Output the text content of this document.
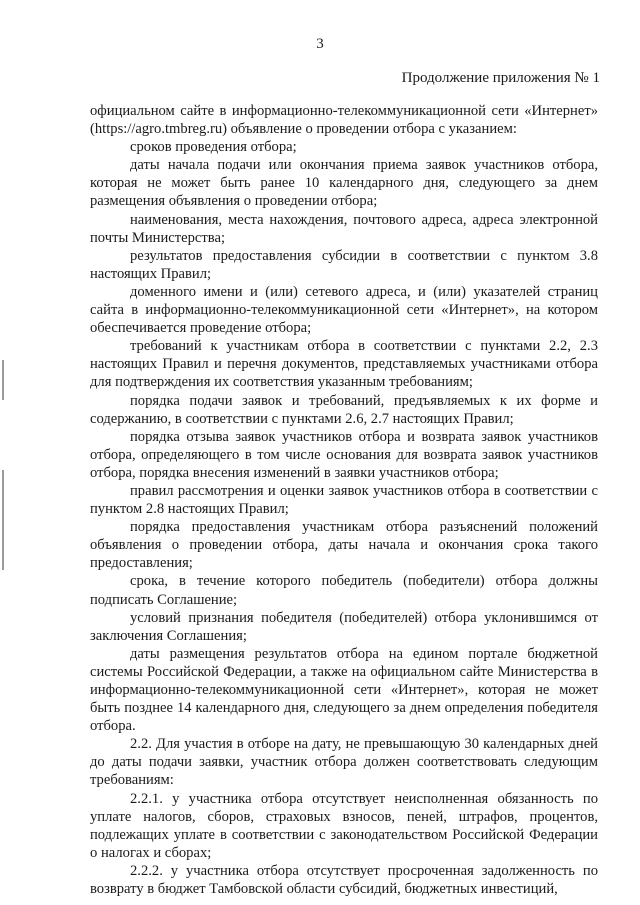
3
Продолжение приложения № 1

официальном сайте в информационно-телекоммуникационной сети «Интернет» (https://agro.tmbreg.ru) объявление о проведении отбора с указанием:

сроков проведения отбора;

даты начала подачи или окончания приема заявок участников отбора, которая не может быть ранее 10 календарного дня, следующего за днем размещения объявления о проведении отбора;

наименования, места нахождения, почтового адреса, адреса электронной почты Министерства;

результатов предоставления субсидии в соответствии с пунктом 3.8 настоящих Правил;

доменного имени и (или) сетевого адреса, и (или) указателей страниц сайта в информационно-телекоммуникационной сети «Интернет», на котором обеспечивается проведение отбора;

требований к участникам отбора в соответствии с пунктами 2.2, 2.3 настоящих Правил и перечня документов, представляемых участниками отбора для подтверждения их соответствия указанным требованиям;

порядка подачи заявок и требований, предъявляемых к их форме и содержанию, в соответствии с пунктами 2.6, 2.7 настоящих Правил;

порядка отзыва заявок участников отбора и возврата заявок участников отбора, определяющего в том числе основания для возврата заявок участников отбора, порядка внесения изменений в заявки участников отбора;

правил рассмотрения и оценки заявок участников отбора в соответствии с пунктом 2.8 настоящих Правил;

порядка предоставления участникам отбора разъяснений положений объявления о проведении отбора, даты начала и окончания срока такого предоставления;

срока, в течение которого победитель (победители) отбора должны подписать Соглашение;

условий признания победителя (победителей) отбора уклонившимся от заключения Соглашения;

даты размещения результатов отбора на едином портале бюджетной системы Российской Федерации, а также на официальном сайте Министерства в информационно-телекоммуникационной сети «Интернет», которая не может быть позднее 14 календарного дня, следующего за днем определения победителя отбора.

2.2. Для участия в отборе на дату, не превышающую 30 календарных дней до даты подачи заявки, участник отбора должен соответствовать следующим требованиям:

2.2.1. у участника отбора отсутствует неисполненная обязанность по уплате налогов, сборов, страховых взносов, пеней, штрафов, процентов, подлежащих уплате в соответствии с законодательством Российской Федерации о налогах и сборах;

2.2.2. у участника отбора отсутствует просроченная задолженность по возврату в бюджет Тамбовской области субсидий, бюджетных инвестиций,
